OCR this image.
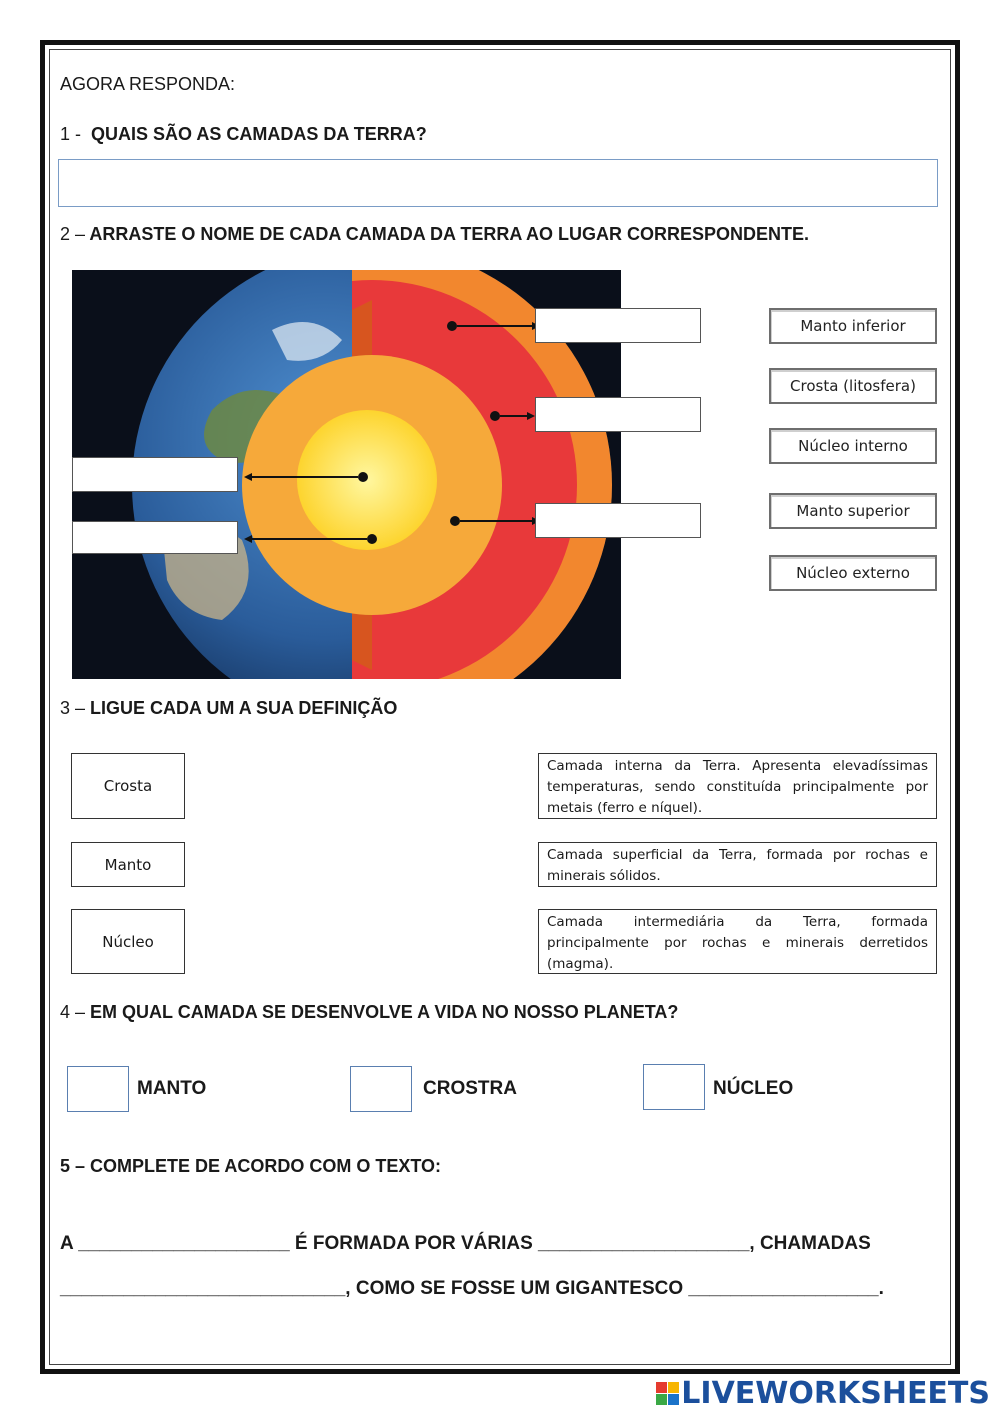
AGORA RESPONDA:
1 - QUAIS SÃO AS CAMADAS DA TERRA?
2 – ARRASTE O NOME DE CADA CAMADA DA TERRA AO LUGAR CORRESPONDENTE.
Manto inferior
Crosta (litosfera)
Núcleo interno
Manto superior
Núcleo externo
3 – LIGUE CADA UM A SUA DEFINIÇÃO
Crosta
Manto
Núcleo
Camada interna da Terra. Apresenta elevadíssimas temperaturas, sendo constituída principalmente por metais (ferro e níquel).
Camada superficial da Terra, formada por rochas e minerais sólidos.
Camada intermediária da Terra, formada principalmente por rochas e minerais derretidos (magma).
4 – EM QUAL CAMADA SE DESENVOLVE A VIDA NO NOSSO PLANETA?
MANTO	CROSTRA	NÚCLEO
5 – COMPLETE DE ACORDO COM O TEXTO:
A ____________________ É FORMADA POR VÁRIAS ____________________, CHAMADAS
___________________________, COMO SE FOSSE UM GIGANTESCO __________________.
LIVEWORKSHEETS
